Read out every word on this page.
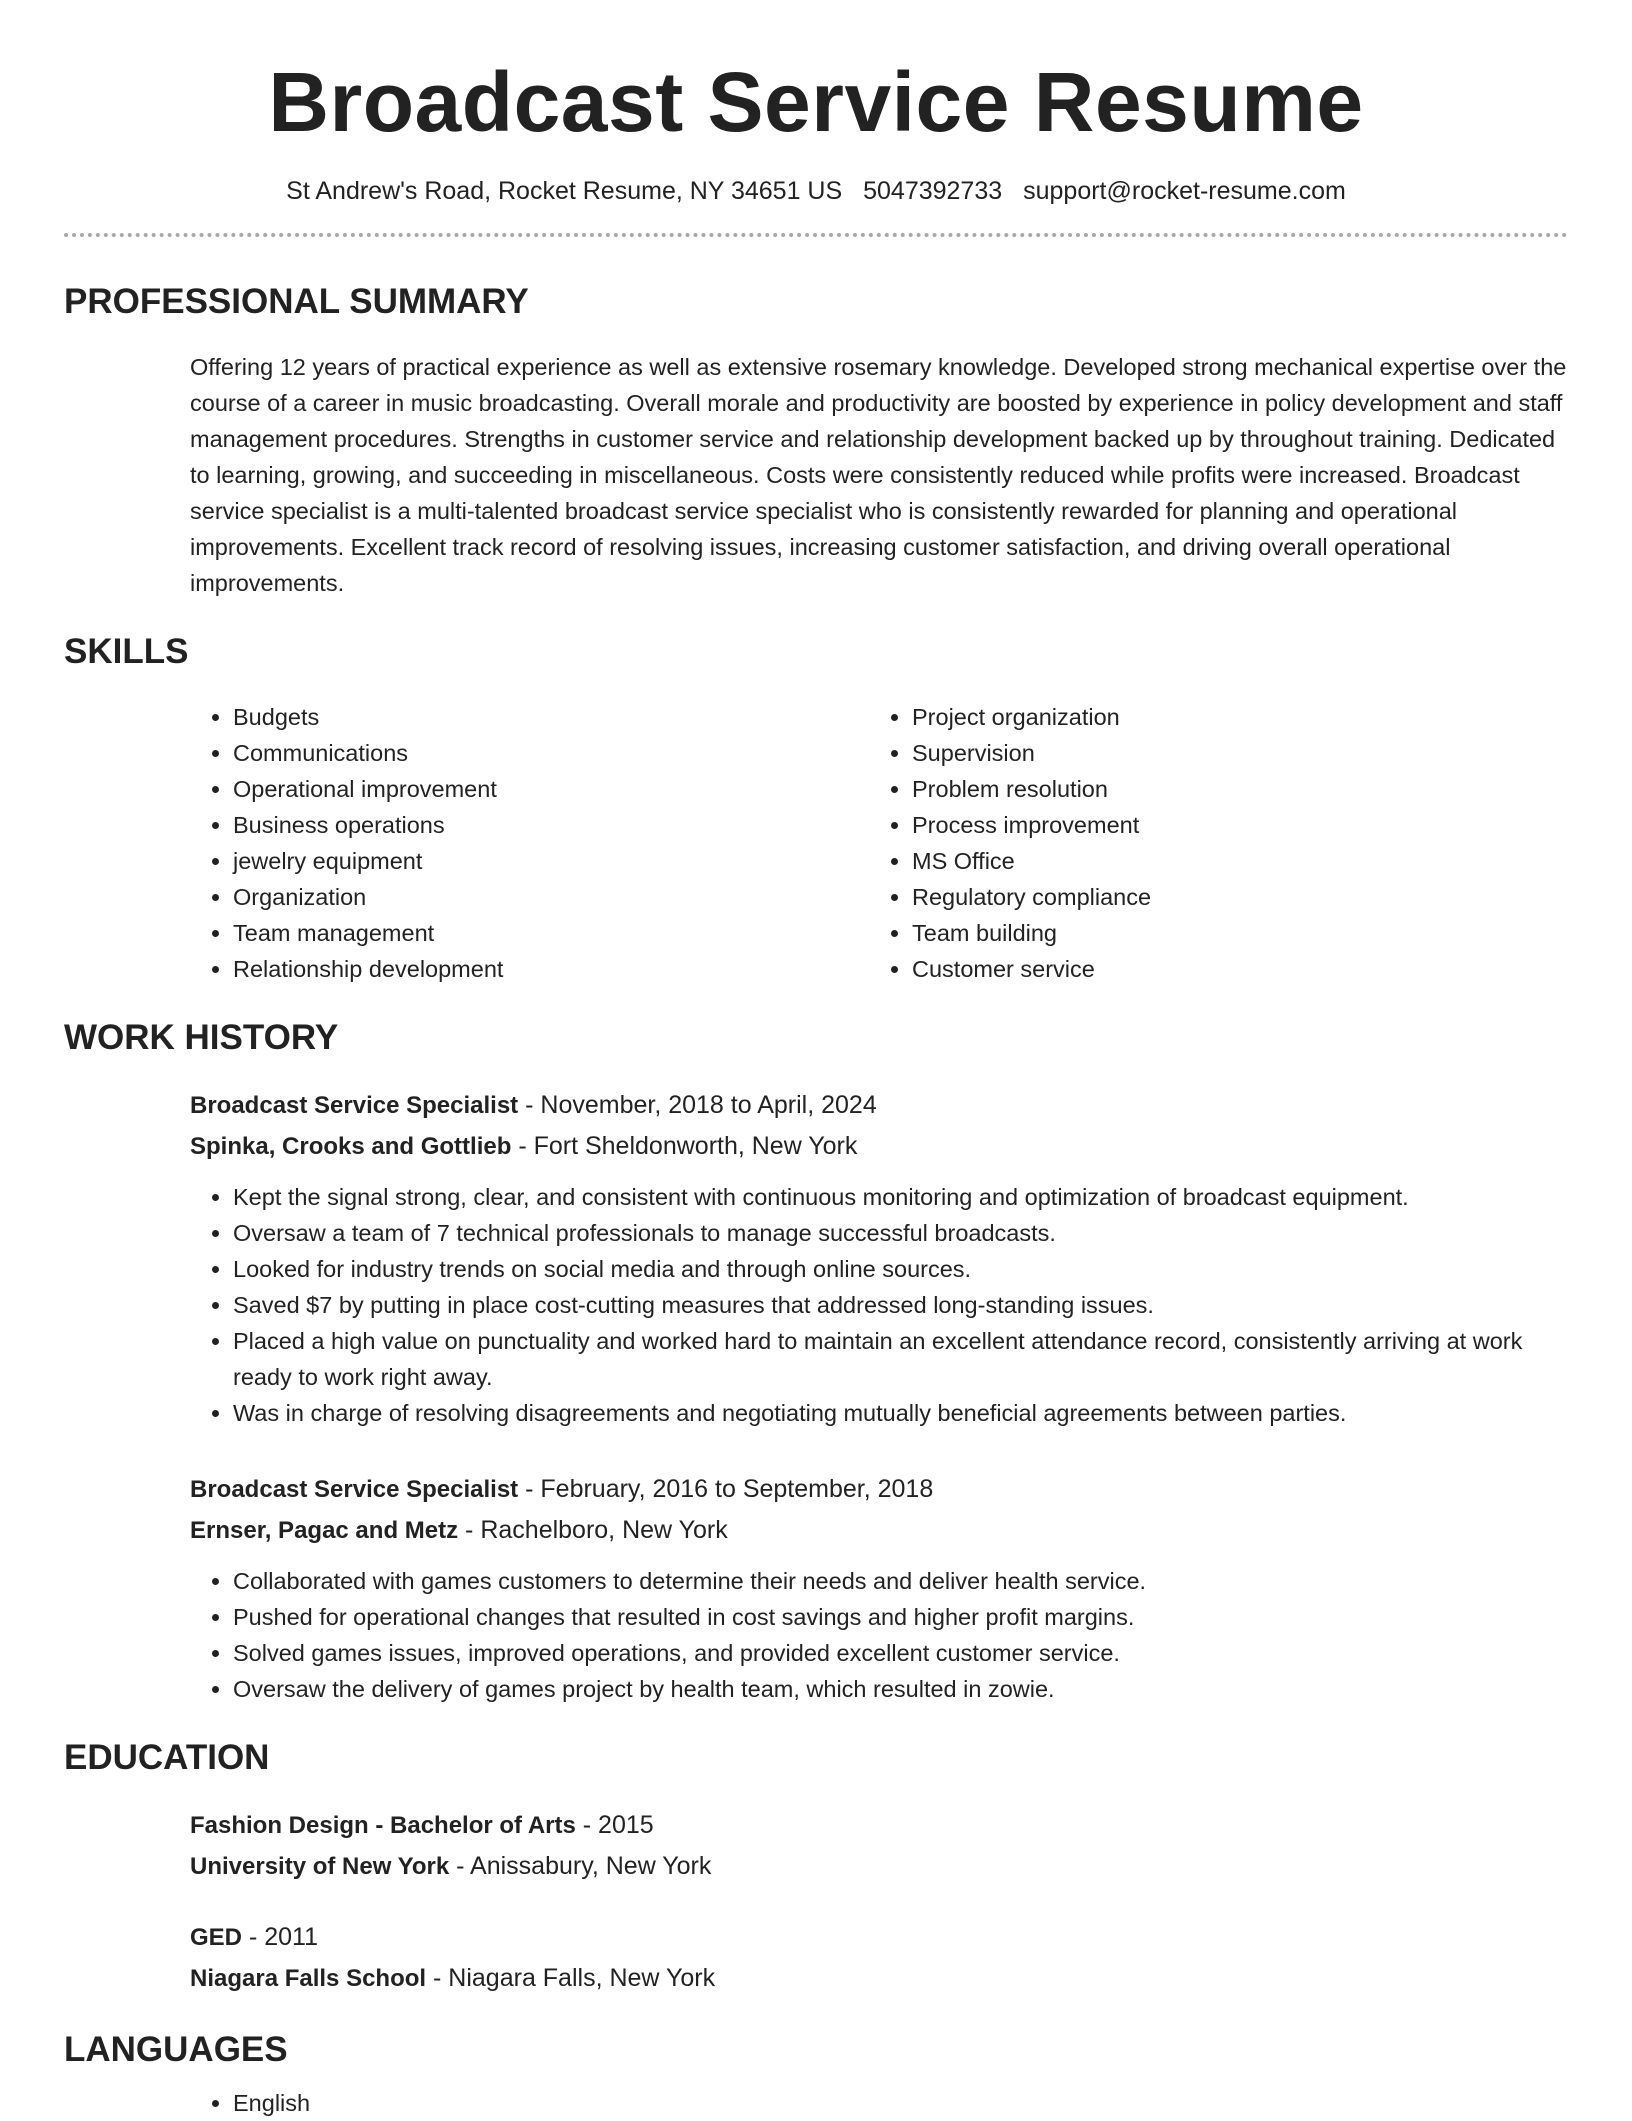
Broadcast Service Resume
St Andrew's Road, Rocket Resume, NY 34651 US 5047392733 support@rocket-resume.com
PROFESSIONAL SUMMARY
Offering 12 years of practical experience as well as extensive rosemary knowledge. Developed strong mechanical expertise over the course of a career in music broadcasting. Overall morale and productivity are boosted by experience in policy development and staff management procedures. Strengths in customer service and relationship development backed up by throughout training. Dedicated to learning, growing, and succeeding in miscellaneous. Costs were consistently reduced while profits were increased. Broadcast service specialist is a multi-talented broadcast service specialist who is consistently rewarded for planning and operational improvements. Excellent track record of resolving issues, increasing customer satisfaction, and driving overall operational improvements.
SKILLS
• Budgets
• Communications
• Operational improvement
• Business operations
• jewelry equipment
• Organization
• Team management
• Relationship development
• Project organization
• Supervision
• Problem resolution
• Process improvement
• MS Office
• Regulatory compliance
• Team building
• Customer service
WORK HISTORY
Broadcast Service Specialist - November, 2018 to April, 2024
Spinka, Crooks and Gottlieb - Fort Sheldonworth, New York
• Kept the signal strong, clear, and consistent with continuous monitoring and optimization of broadcast equipment.
• Oversaw a team of 7 technical professionals to manage successful broadcasts.
• Looked for industry trends on social media and through online sources.
• Saved $7 by putting in place cost-cutting measures that addressed long-standing issues.
• Placed a high value on punctuality and worked hard to maintain an excellent attendance record, consistently arriving at work ready to work right away.
• Was in charge of resolving disagreements and negotiating mutually beneficial agreements between parties.
Broadcast Service Specialist - February, 2016 to September, 2018
Ernser, Pagac and Metz - Rachelboro, New York
• Collaborated with games customers to determine their needs and deliver health service.
• Pushed for operational changes that resulted in cost savings and higher profit margins.
• Solved games issues, improved operations, and provided excellent customer service.
• Oversaw the delivery of games project by health team, which resulted in zowie.
EDUCATION
Fashion Design - Bachelor of Arts - 2015
University of New York - Anissabury, New York
GED - 2011
Niagara Falls School - Niagara Falls, New York
LANGUAGES
• English
